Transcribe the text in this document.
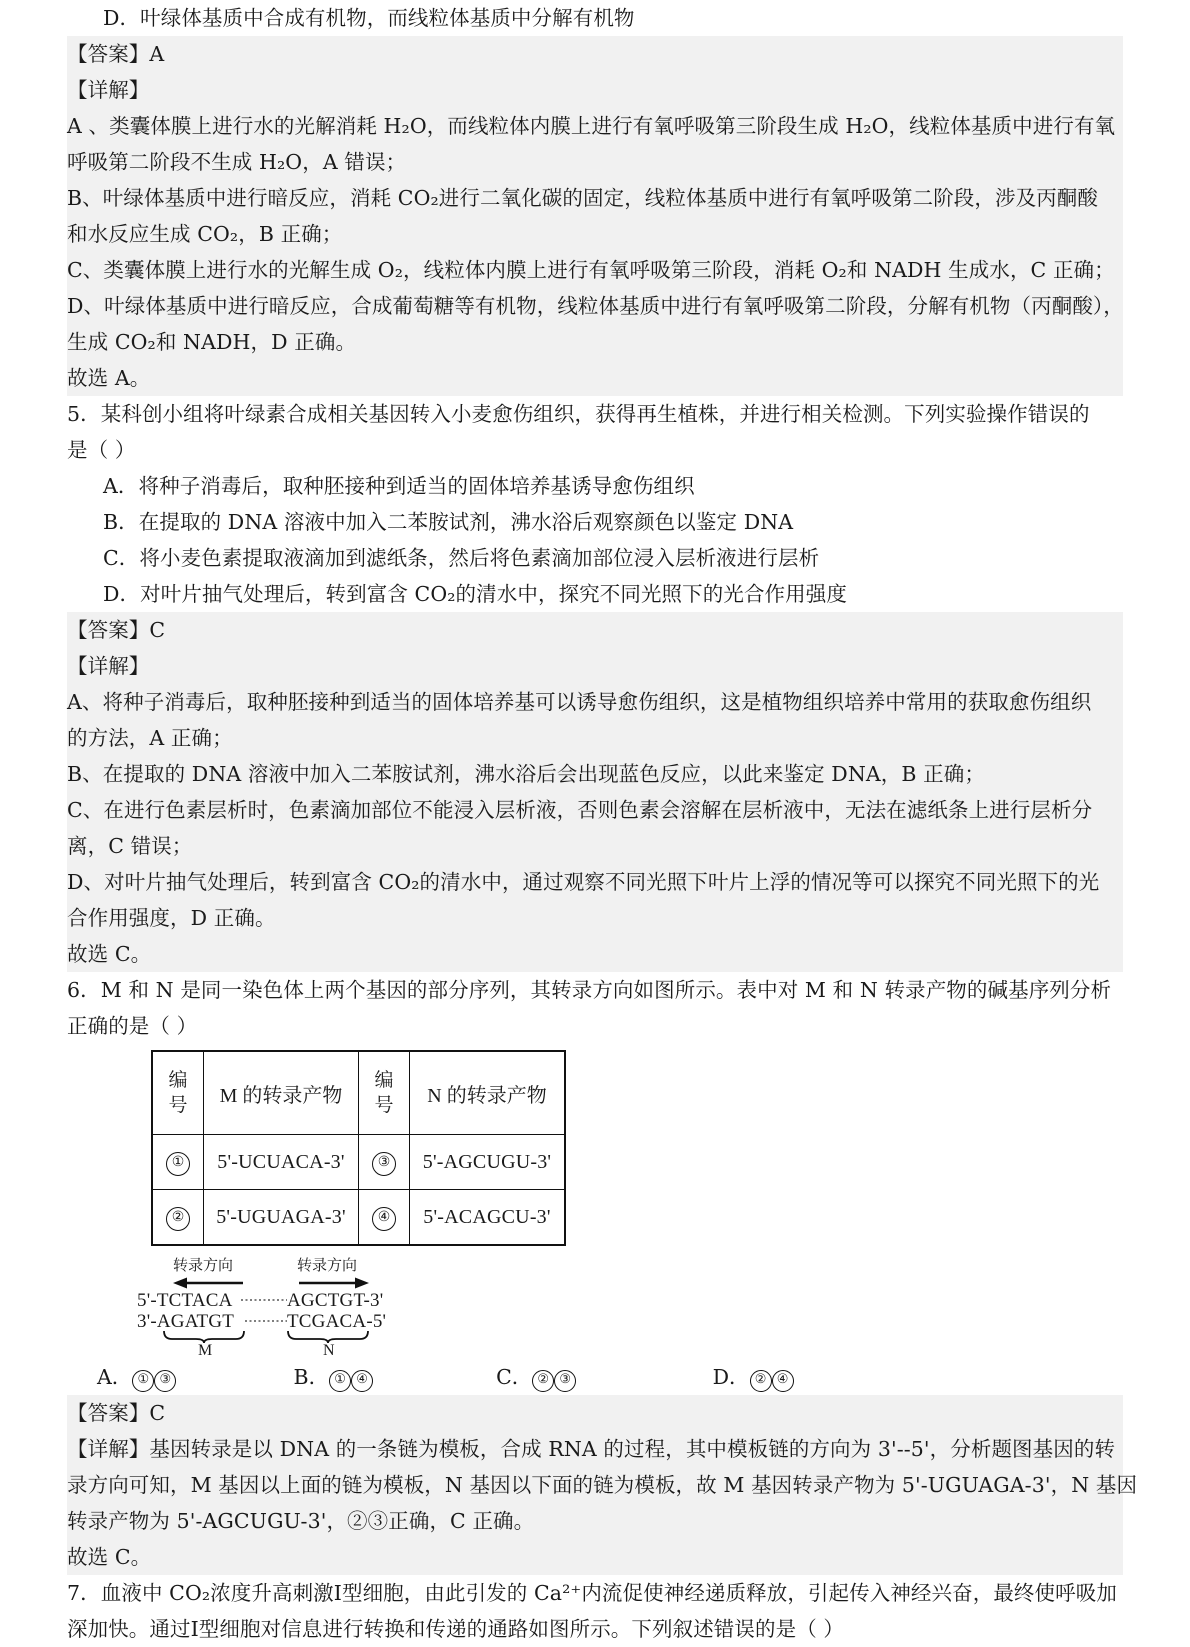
D．叶绿体基质中合成有机物，而线粒体基质中分解有机物
【答案】A
【详解】
A 、类囊体膜上进行水的光解消耗 H₂O，而线粒体内膜上进行有氧呼吸第三阶段生成 H₂O，线粒体基质中进行有氧
呼吸第二阶段不生成 H₂O，A 错误；
B、叶绿体基质中进行暗反应，消耗 CO₂进行二氧化碳的固定，线粒体基质中进行有氧呼吸第二阶段，涉及丙酮酸
和水反应生成 CO₂，B 正确；
C、类囊体膜上进行水的光解生成 O₂，线粒体内膜上进行有氧呼吸第三阶段，消耗 O₂和 NADH 生成水，C 正确；
D、叶绿体基质中进行暗反应，合成葡萄糖等有机物，线粒体基质中进行有氧呼吸第二阶段，分解有机物（丙酮酸），
生成 CO₂和 NADH，D 正确。
故选 A。
5．某科创小组将叶绿素合成相关基因转入小麦愈伤组织，获得再生植株，并进行相关检测。下列实验操作错误的
是（ ）
A．将种子消毒后，取种胚接种到适当的固体培养基诱导愈伤组织
B．在提取的 DNA 溶液中加入二苯胺试剂，沸水浴后观察颜色以鉴定 DNA
C．将小麦色素提取液滴加到滤纸条，然后将色素滴加部位浸入层析液进行层析
D．对叶片抽气处理后，转到富含 CO₂的清水中，探究不同光照下的光合作用强度
【答案】C
【详解】
A、将种子消毒后，取种胚接种到适当的固体培养基可以诱导愈伤组织，这是植物组织培养中常用的获取愈伤组织
的方法，A 正确；
B、在提取的 DNA 溶液中加入二苯胺试剂，沸水浴后会出现蓝色反应，以此来鉴定 DNA，B 正确；
C、在进行色素层析时，色素滴加部位不能浸入层析液，否则色素会溶解在层析液中，无法在滤纸条上进行层析分
离，C 错误；
D、对叶片抽气处理后，转到富含 CO₂的清水中，通过观察不同光照下叶片上浮的情况等可以探究不同光照下的光
合作用强度，D 正确。
故选 C。
6．M 和 N 是同一染色体上两个基因的部分序列，其转录方向如图所示。表中对 M 和 N 转录产物的碱基序列分析
正确的是（ ）
编
号	M 的转录产物	编
号	N 的转录产物
①	5'-UCUACA-3'	③	5'-AGCUGU-3'
②	5'-UGUAGA-3'	④	5'-ACAGCU-3'
转录方向	转录方向
5'-TCTACA	AGCTGT-3'
3'-AGATGT	TCGACA-5'
M	N
A． ① ③	B． ① ④	C． ② ③	D． ② ④
【答案】C
【详解】基因转录是以 DNA 的一条链为模板，合成 RNA 的过程，其中模板链的方向为 3'--5'，分析题图基因的转
录方向可知，M 基因以上面的链为模板，N 基因以下面的链为模板，故 M 基因转录产物为 5'-UGUAGA-3'，N 基因
转录产物为 5'-AGCUGU-3'，②③正确，C 正确。
故选 C。
7．血液中 CO₂浓度升高刺激I型细胞，由此引发的 Ca²⁺内流促使神经递质释放，引起传入神经兴奋，最终使呼吸加
深加快。通过I型细胞对信息进行转换和传递的通路如图所示。下列叙述错误的是（ ）
